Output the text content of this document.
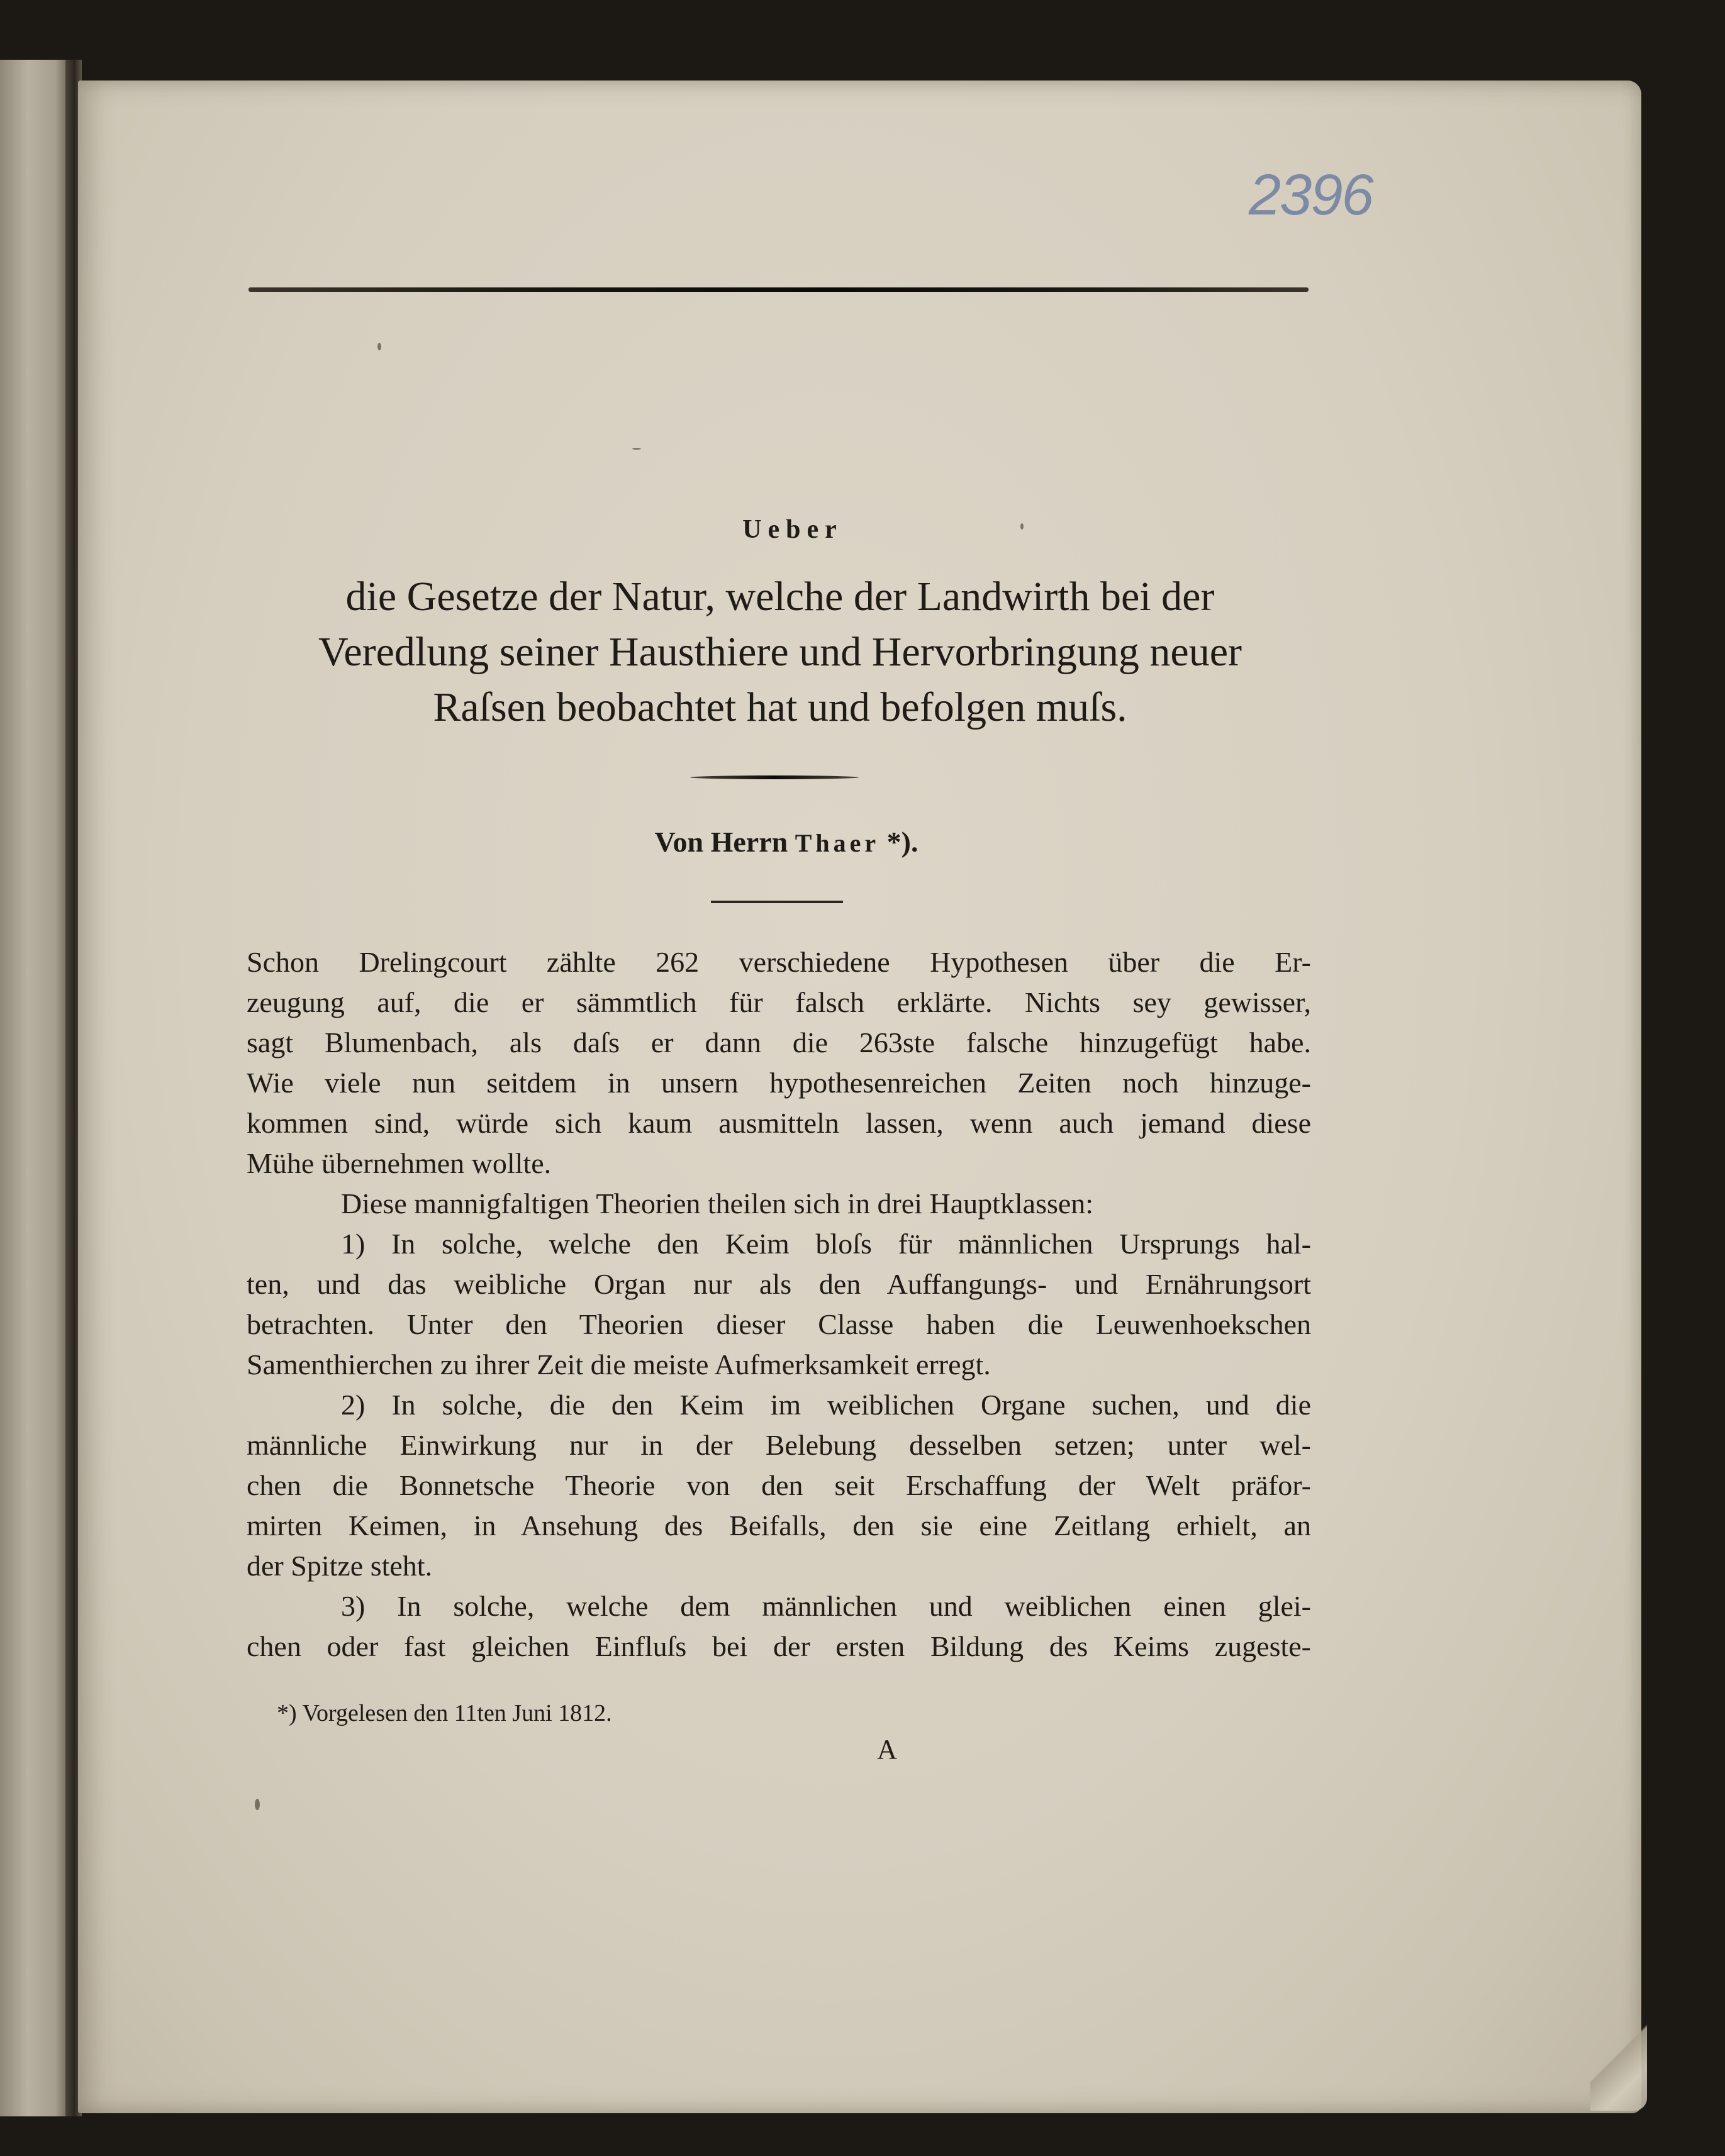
2396
Ueber
die Gesetze der Natur, welche der Landwirth bei der
Veredlung seiner Hausthiere und Hervorbringung neuer
Raſsen beobachtet hat und befolgen muſs.
Von Herrn Thaer *).
Schon Drelingcourt zählte 262 verschiedene Hypothesen über die Er-
zeugung auf, die er sämmtlich für falsch erklärte. Nichts sey gewisser,
sagt Blumenbach, als daſs er dann die 263ste falsche hinzugefügt habe.
Wie viele nun seitdem in unsern hypothesenreichen Zeiten noch hinzuge-
kommen sind, würde sich kaum ausmitteln lassen, wenn auch jemand diese
Mühe übernehmen wollte.
Diese mannigfaltigen Theorien theilen sich in drei Hauptklassen:
1) In solche, welche den Keim bloſs für männlichen Ursprungs hal-
ten, und das weibliche Organ nur als den Auffangungs- und Ernährungsort
betrachten. Unter den Theorien dieser Classe haben die Leuwenhoekschen
Samenthierchen zu ihrer Zeit die meiste Aufmerksamkeit erregt.
2) In solche, die den Keim im weiblichen Organe suchen, und die
männliche Einwirkung nur in der Belebung desselben setzen; unter wel-
chen die Bonnetsche Theorie von den seit Erschaffung der Welt präfor-
mirten Keimen, in Ansehung des Beifalls, den sie eine Zeitlang erhielt, an
der Spitze steht.
3) In solche, welche dem männlichen und weiblichen einen glei-
chen oder fast gleichen Einfluſs bei der ersten Bildung des Keims zugeste-
*) Vorgelesen den 11ten Juni 1812.
A
